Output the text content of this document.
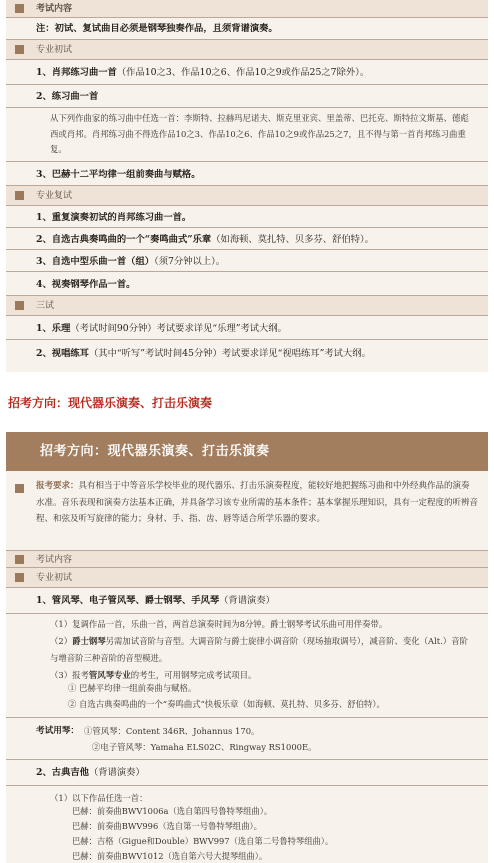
考试内容
注：初试、复试曲目必须是钢琴独奏作品，且须背谱演奏。
专业初试
1、肖邦练习曲一首（作品10之3、作品10之6、作品10之9或作品25之7除外）。
2、练习曲一首
从下列作曲家的练习曲中任选一首：李斯特、拉赫玛尼诺夫、斯克里亚宾、里盖蒂、巴托克、斯特拉文斯基、德彪西或肖邦。肖邦练习曲不得选作品10之3、作品10之6、作品10之9或作品25之7，且不得与第一首肖邦练习曲重复。
3、巴赫十二平均律一组前奏曲与赋格。
专业复试
1、重复演奏初试的肖邦练习曲一首。
2、自选古典奏鸣曲的一个“奏鸣曲式”乐章（如海顿、莫扎特、贝多芬、舒伯特）。
3、自选中型乐曲一首（组）（须7分钟以上）。
4、视奏钢琴作品一首。
三试
1、乐理（考试时间90分钟）考试要求详见“乐理”考试大纲。
2、视唱练耳（其中“听写”考试时间45分钟）考试要求详见“视唱练耳”考试大纲。
招考方向：现代器乐演奏、打击乐演奏
招考方向：现代器乐演奏、打击乐演奏
报考要求：具有相当于中等音乐学校毕业的现代器乐、打击乐演奏程度，能较好地把握练习曲和中外经典作品的演奏水准。音乐表现和演奏方法基本正确，并具备学习该专业所需的基本条件；基本掌握乐理知识，具有一定程度的听辨音程、和弦及听写旋律的能力；身材、手、指、齿、唇等适合所学乐器的要求。
考试内容
专业初试
1、管风琴、电子管风琴、爵士钢琴、手风琴（背谱演奏）
（1）复调作品一首，乐曲一首，两首总演奏时间为8分钟。爵士钢琴考试乐曲可用伴奏带。
（2）爵士钢琴另需加试音阶与音型。大调音阶与爵士旋律小调音阶（现场抽取调号），减音阶、变化（Alt.）音阶与增音阶三种音阶的音型模进。
（3）报考管风琴专业的考生，可用钢琴完成考试项目。
① 巴赫平均律一组前奏曲与赋格。
② 自选古典奏鸣曲的一个“奏鸣曲式”快板乐章（如海顿、莫扎特、贝多芬、舒伯特）。
考试用琴： ①管风琴：Content 346R、Johannus 170。
②电子管风琴：Yamaha ELS02C、Ringway RS1000E。
2、古典吉他（背谱演奏）
（1）以下作品任选一首：
巴赫：前奏曲BWV1006a（选自第四号鲁特琴组曲）。
巴赫：前奏曲BWV996（选自第一号鲁特琴组曲）。
巴赫：吉格（Gigue和Double）BWV997（选自第二号鲁特琴组曲）。
巴赫：前奏曲BWV1012（选自第六号大提琴组曲）。
